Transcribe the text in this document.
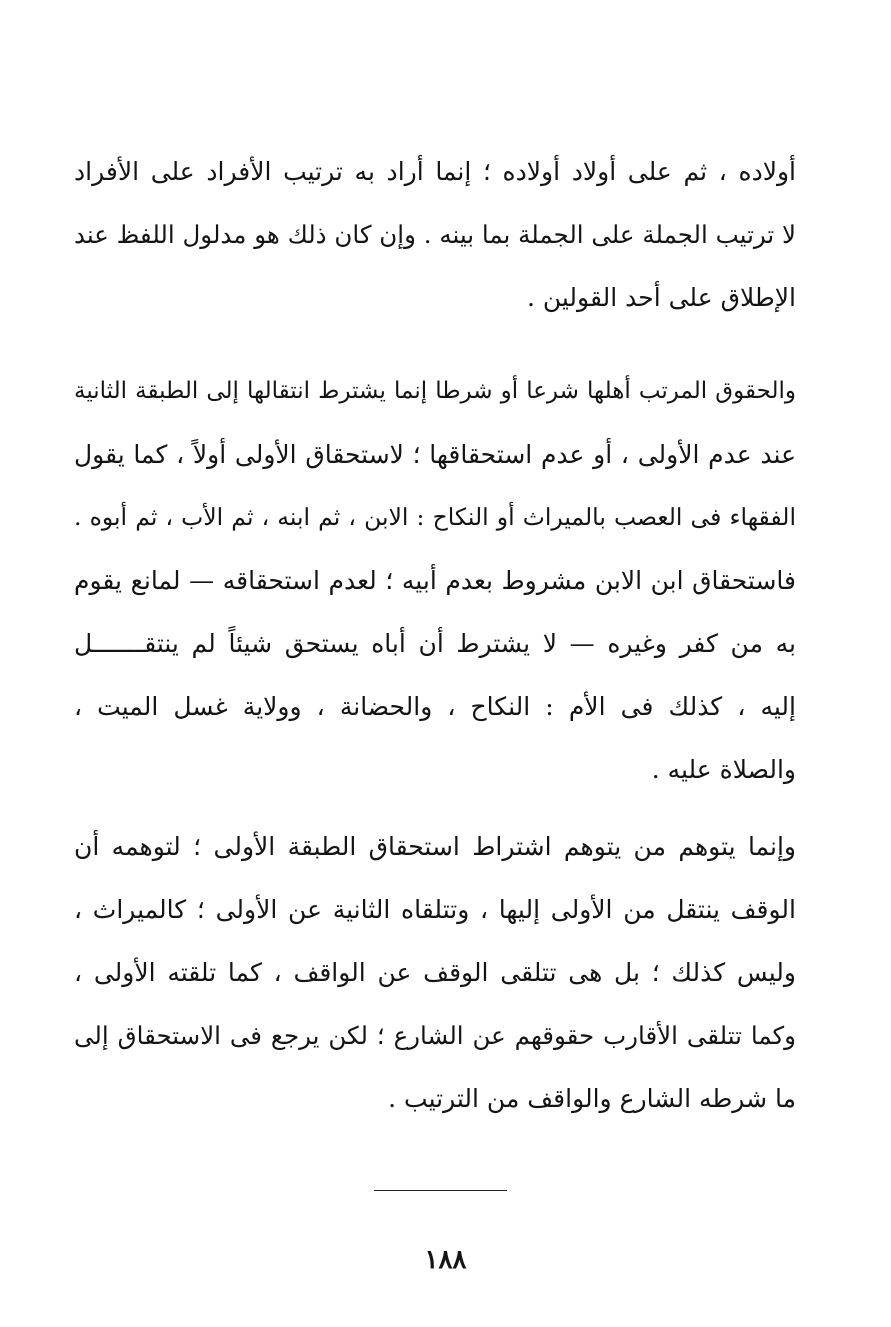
أولاده ، ثم على أولاد أولاده ؛ إنما أراد به ترتيب الأفراد على الأفراد
لا ترتيب الجملة على الجملة بما بينه . وإن كان ذلك هو مدلول اللفظ عند
الإطلاق على أحد القولين .
والحقوق المرتب أهلها شرعا أو شرطا إنما يشترط انتقالها إلى الطبقة الثانية
عند عدم الأولى ، أو عدم استحقاقها ؛ لاستحقاق الأولى أولاً ، كما يقول
الفقهاء فى العصب بالميراث أو النكاح : الابن ، ثم ابنه ، ثم الأب ، ثم أبوه .
فاستحقاق ابن الابن مشروط بعدم أبيه ؛ لعدم استحقاقه — لمانع يقوم
به من كفر وغيره — لا يشترط أن أباه يستحق شيئاً لم ينتقـــــــل
إليه ، كذلك فى الأم : النكاح ، والحضانة ، وولاية غسل الميت ،
والصلاة عليه .
وإنما يتوهم من يتوهم اشتراط استحقاق الطبقة الأولى ؛ لتوهمه أن
الوقف ينتقل من الأولى إليها ، وتتلقاه الثانية عن الأولى ؛ كالميراث ،
وليس كذلك ؛ بل هى تتلقى الوقف عن الواقف ، كما تلقته الأولى ،
وكما تتلقى الأقارب حقوقهم عن الشارع ؛ لكن يرجع فى الاستحقاق إلى
ما شرطه الشارع والواقف من الترتيب .
١٨٨
